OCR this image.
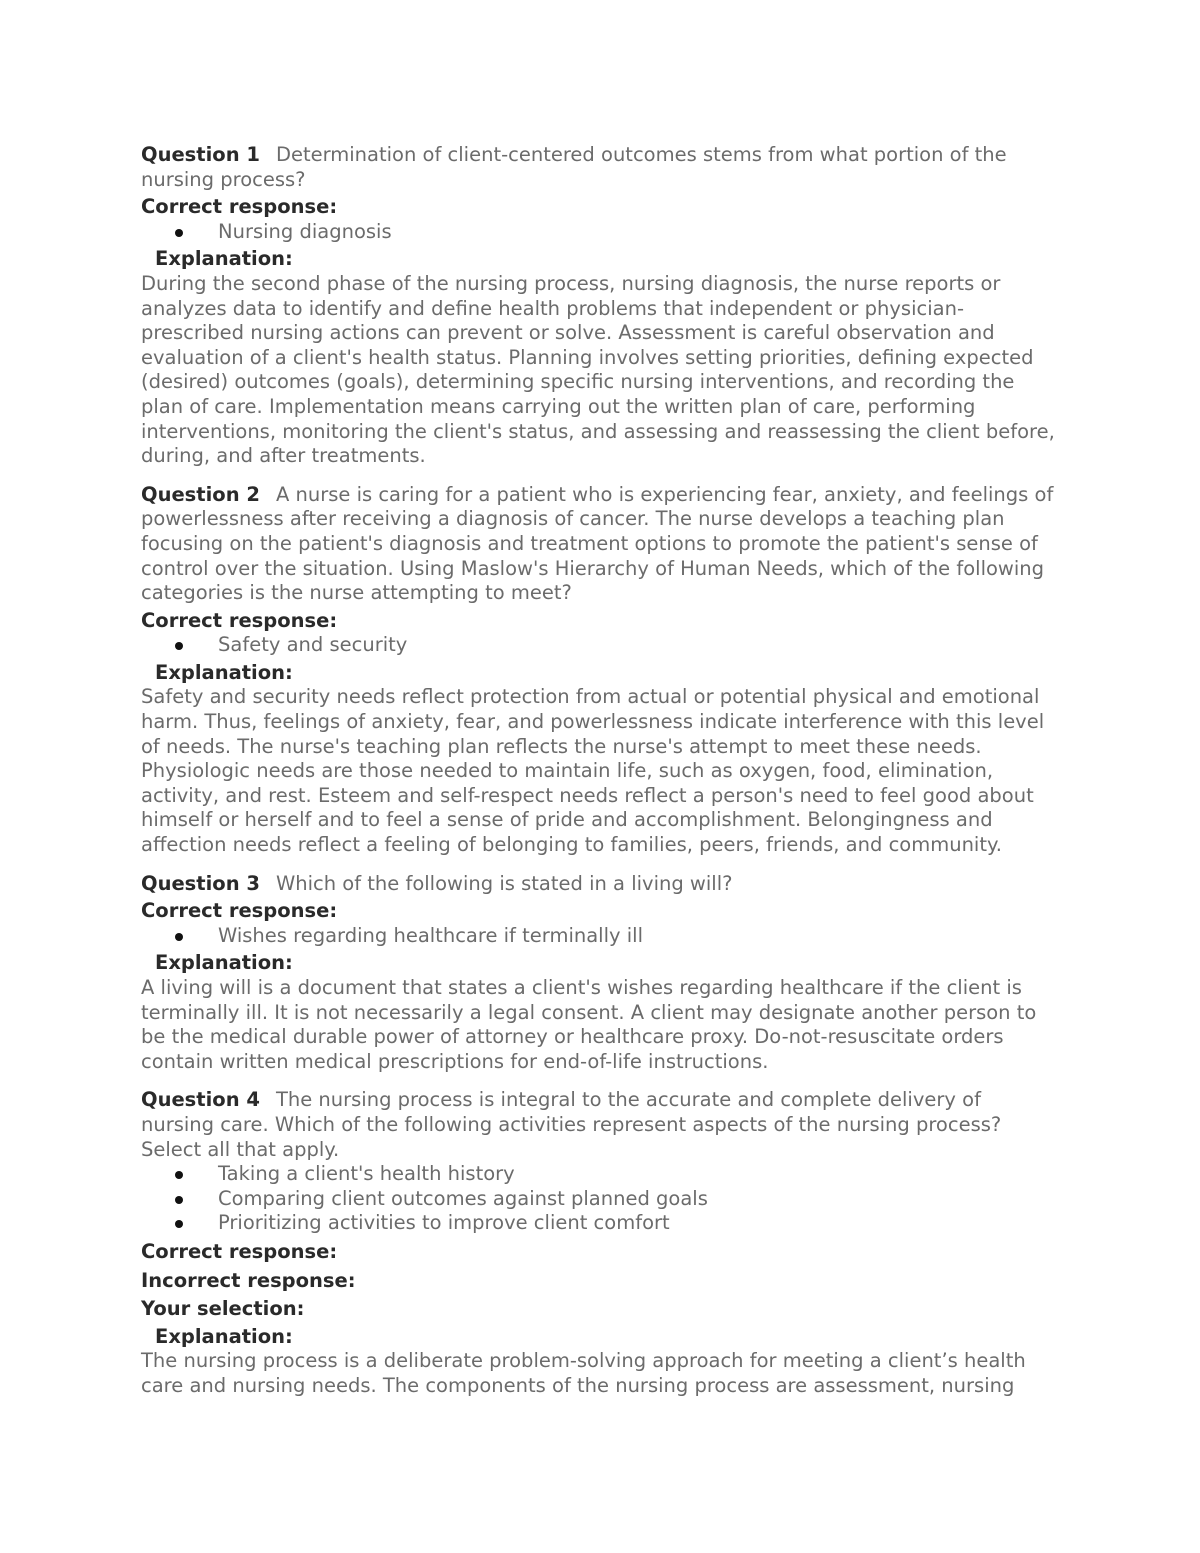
Question 1 Determination of client-centered outcomes stems from what portion of the nursing process?

Correct response:
Nursing diagnosis
Explanation:

During the second phase of the nursing process, nursing diagnosis, the nurse reports or analyzes data to identify and define health problems that independent or physician-prescribed nursing actions can prevent or solve. Assessment is careful observation and evaluation of a client's health status. Planning involves setting priorities, defining expected (desired) outcomes (goals), determining specific nursing interventions, and recording the plan of care. Implementation means carrying out the written plan of care, performing interventions, monitoring the client's status, and assessing and reassessing the client before, during, and after treatments.

Question 2 A nurse is caring for a patient who is experiencing fear, anxiety, and feelings of powerlessness after receiving a diagnosis of cancer. The nurse develops a teaching plan focusing on the patient's diagnosis and treatment options to promote the patient's sense of control over the situation. Using Maslow's Hierarchy of Human Needs, which of the following categories is the nurse attempting to meet?

Correct response:
Safety and security
Explanation:

Safety and security needs reflect protection from actual or potential physical and emotional harm. Thus, feelings of anxiety, fear, and powerlessness indicate interference with this level of needs. The nurse's teaching plan reflects the nurse's attempt to meet these needs. Physiologic needs are those needed to maintain life, such as oxygen, food, elimination, activity, and rest. Esteem and self-respect needs reflect a person's need to feel good about himself or herself and to feel a sense of pride and accomplishment. Belongingness and affection needs reflect a feeling of belonging to families, peers, friends, and community.

Question 3 Which of the following is stated in a living will?

Correct response:
Wishes regarding healthcare if terminally ill
Explanation:

A living will is a document that states a client's wishes regarding healthcare if the client is terminally ill. It is not necessarily a legal consent. A client may designate another person to be the medical durable power of attorney or healthcare proxy. Do-not-resuscitate orders contain written medical prescriptions for end-of-life instructions.

Question 4 The nursing process is integral to the accurate and complete delivery of nursing care. Which of the following activities represent aspects of the nursing process? Select all that apply.

Taking a client's health history
Comparing client outcomes against planned goals
Prioritizing activities to improve client comfort
Correct response:
Incorrect response:
Your selection:
Explanation:

The nursing process is a deliberate problem-solving approach for meeting a client’s health care and nursing needs. The components of the nursing process are assessment, nursing
